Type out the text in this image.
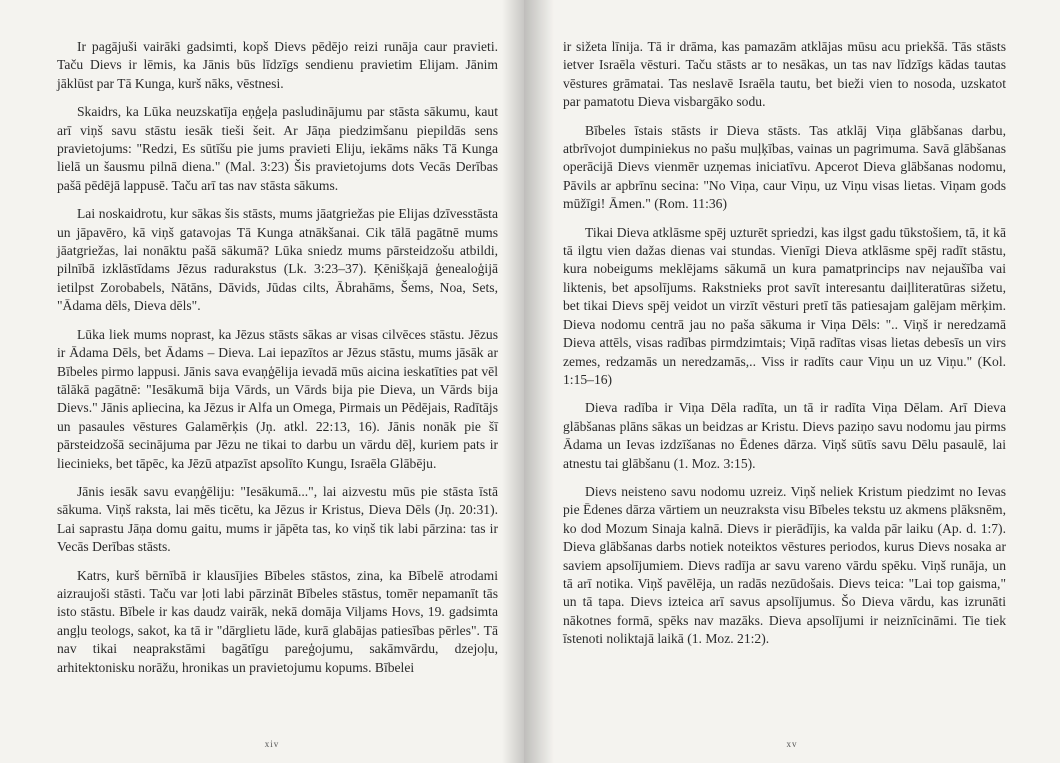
Ir pagājuši vairāki gadsimti, kopš Dievs pēdējo reizi runāja caur pravieti. Taču Dievs ir lēmis, ka Jānis būs līdzīgs sendienu pravietim Elijam. Jānim jāklūst par Tā Kunga, kurš nāks, vēstnesi.

Skaidrs, ka Lūka neuzskatīja eņģeļa pasludinājumu par stāsta sākumu, kaut arī viņš savu stāstu iesāk tieši šeit. Ar Jāņa piedzimšanu piepildās sens pravietojums: "Redzi, Es sūtīšu pie jums pravieti Eliju, iekāms nāks Tā Kunga lielā un šausmu pilnā diena." (Mal. 3:23) Šis pravietojums dots Vecās Derības pašā pēdējā lappusē. Taču arī tas nav stāsta sākums.

Lai noskaidrotu, kur sākas šis stāsts, mums jāatgriežas pie Elijas dzīvesstāsta un jāpavēro, kā viņš gatavojas Tā Kunga atnākšanai. Cik tālā pagātnē mums jāatgriežas, lai nonāktu pašā sākumā? Lūka sniedz mums pārsteidzošu atbildi, pilnībā izklāstīdams Jēzus radurakstus (Lk. 3:23–37). Ķēnišķajā ģenealoģijā ietilpst Zorobabels, Nātāns, Dāvids, Jūdas cilts, Ābrahāms, Šems, Noa, Sets, "Ādama dēls, Dieva dēls".

Lūka liek mums noprast, ka Jēzus stāsts sākas ar visas cilvēces stāstu. Jēzus ir Ādama Dēls, bet Ādams – Dieva. Lai iepazītos ar Jēzus stāstu, mums jāsāk ar Bībeles pirmo lappusi. Jānis sava evaņģēlija ievadā mūs aicina ieskatīties pat vēl tālākā pagātnē: "Iesākumā bija Vārds, un Vārds bija pie Dieva, un Vārds bija Dievs." Jānis apliecina, ka Jēzus ir Alfa un Omega, Pirmais un Pēdējais, Radītājs un pasaules vēstures Galamērķis (Jņ. atkl. 22:13, 16). Jānis nonāk pie šī pārsteidzošā secinājuma par Jēzu ne tikai to darbu un vārdu dēļ, kuriem pats ir liecinieks, bet tāpēc, ka Jēzū atpazīst apsolīto Kungu, Israēla Glābēju.

Jānis iesāk savu evaņģēliju: "Iesākumā...", lai aizvestu mūs pie stāsta īstā sākuma. Viņš raksta, lai mēs ticētu, ka Jēzus ir Kristus, Dieva Dēls (Jņ. 20:31). Lai saprastu Jāņa domu gaitu, mums ir jāpēta tas, ko viņš tik labi pārzina: tas ir Vecās Derības stāsts.

Katrs, kurš bērnībā ir klausījies Bībeles stāstos, zina, ka Bībelē atrodami aizraujoši stāsti. Taču var ļoti labi pārzināt Bībeles stāstus, tomēr nepamanīt tās isto stāstu. Bībele ir kas daudz vairāk, nekā domāja Viljams Hovs, 19. gadsimta angļu teologs, sakot, ka tā ir "dārglietu lāde, kurā glabājas patiesības pērles". Tā nav tikai neaprakstāmi bagātīgu pareģojumu, sakāmvārdu, dzejoļu, arhitektonisku norāžu, hronikas un pravietojumu kopums. Bībelei

xiv

ir sižeta līnija. Tā ir drāma, kas pamazām atklājas mūsu acu priekšā. Tās stāsts ietver Israēla vēsturi. Taču stāsts ar to nesākas, un tas nav līdzīgs kādas tautas vēstures grāmatai. Tas neslavē Israēla tautu, bet bieži vien to nosoda, uzskatot par pamatotu Dieva visbargāko sodu.

Bībeles īstais stāsts ir Dieva stāsts. Tas atklāj Viņa glābšanas darbu, atbrīvojot dumpiniekus no pašu muļķības, vainas un pagrimuma. Savā glābšanas operācijā Dievs vienmēr uzņemas iniciatīvu. Apcerot Dieva glābšanas nodomu, Pāvils ar apbrīnu secina: "No Viņa, caur Viņu, uz Viņu visas lietas. Viņam gods mūžīgi! Āmen." (Rom. 11:36)

Tikai Dieva atklāsme spēj uzturēt spriedzi, kas ilgst gadu tūkstošiem, tā, it kā tā ilgtu vien dažas dienas vai stundas. Vienīgi Dieva atklāsme spēj radīt stāstu, kura nobeigums meklējams sākumā un kura pamatprincips nav nejaušība vai liktenis, bet apsolījums. Rakstnieks prot savīt interesantu daiļliteratūras sižetu, bet tikai Dievs spēj veidot un virzīt vēsturi pretī tās patiesajam galējam mērķim. Dieva nodomu centrā jau no paša sākuma ir Viņa Dēls: ".. Viņš ir neredzamā Dieva attēls, visas radības pirmdzimtais; Viņā radītas visas lietas debesīs un virs zemes, redzamās un neredzamās,.. Viss ir radīts caur Viņu un uz Viņu." (Kol. 1:15–16)

Dieva radība ir Viņa Dēla radīta, un tā ir radīta Viņa Dēlam. Arī Dieva glābšanas plāns sākas un beidzas ar Kristu. Dievs paziņo savu nodomu jau pirms Ādama un Ievas izdzīšanas no Ēdenes dārza. Viņš sūtīs savu Dēlu pasaulē, lai atnestu tai glābšanu (1. Moz. 3:15).

Dievs neisteno savu nodomu uzreiz. Viņš neliek Kristum piedzimt no Ievas pie Ēdenes dārza vārtiem un neuzraksta visu Bībeles tekstu uz akmens plāksnēm, ko dod Mozum Sinaja kalnā. Dievs ir pierādījis, ka valda pār laiku (Ap. d. 1:7). Dieva glābšanas darbs notiek noteiktos vēstures periodos, kurus Dievs nosaka ar saviem apsolījumiem. Dievs radīja ar savu vareno vārdu spēku. Viņš runāja, un tā arī notika. Viņš pavēlēja, un radās nezūdošais. Dievs teica: "Lai top gaisma," un tā tapa. Dievs izteica arī savus apsolījumus. Šo Dieva vārdu, kas izrunāti nākotnes formā, spēks nav mazāks. Dieva apsolījumi ir neiznīcināmi. Tie tiek īstenoti noliktajā laikā (1. Moz. 21:2).

xv
